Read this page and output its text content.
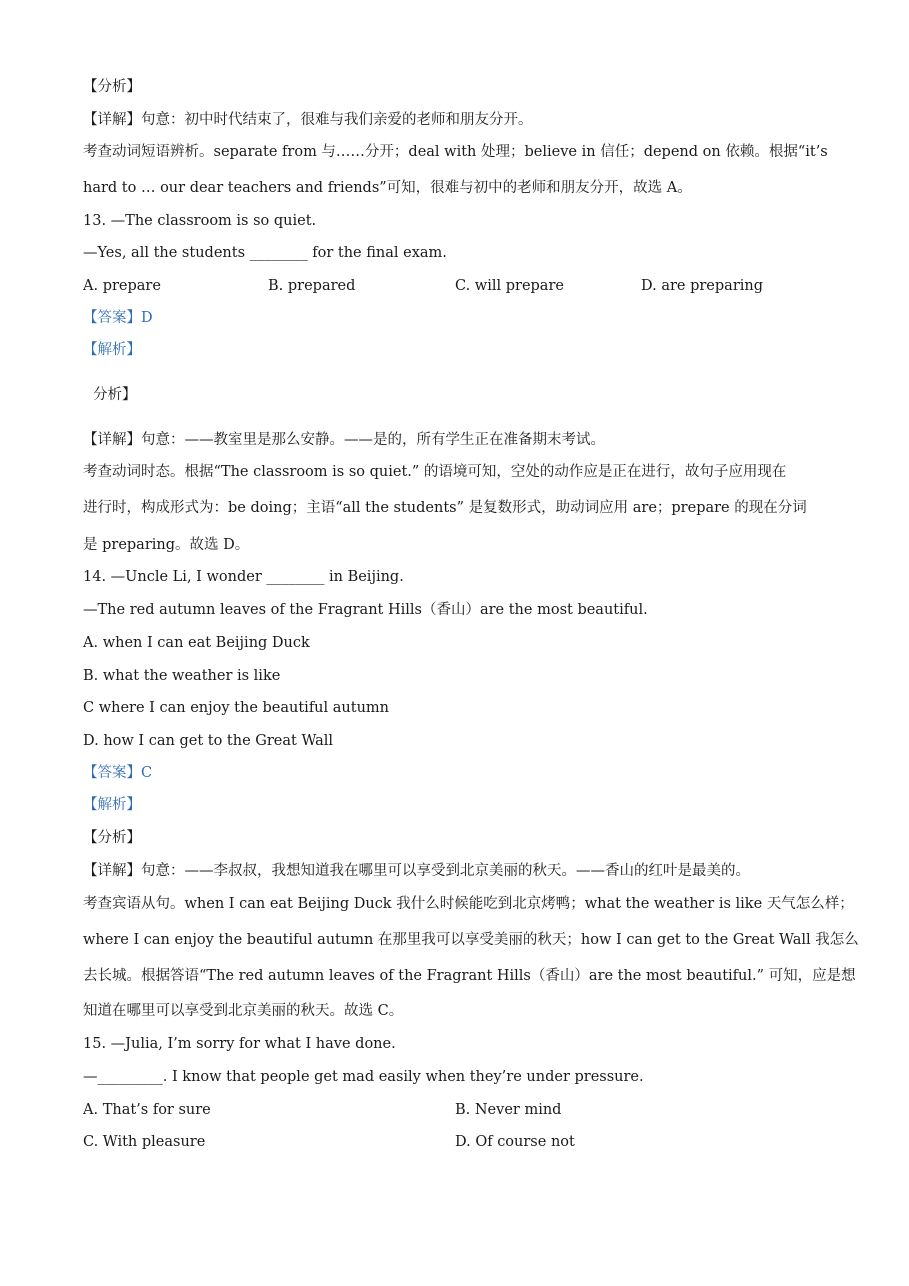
【分析】
【详解】句意：初中时代结束了，很难与我们亲爱的老师和朋友分开。
考查动词短语辨析。separate from 与……分开；deal with 处理；believe in 信任；depend on 依赖。根据“it’s
hard to … our dear teachers and friends”可知，很难与初中的老师和朋友分开，故选 A。
13. —The classroom is so quiet.
—Yes, all the students ________ for the final exam.
A. prepare	B. prepared	C. will prepare	D. are preparing
【答案】D
【解析】
分析】
【详解】句意：——教室里是那么安静。——是的，所有学生正在准备期末考试。
考查动词时态。根据“The classroom is so quiet.” 的语境可知，空处的动作应是正在进行，故句子应用现在
进行时，构成形式为：be doing；主语“all the students” 是复数形式，助动词应用 are；prepare 的现在分词
是 preparing。故选 D。
14. —Uncle Li, I wonder ________ in Beijing.
—The red autumn leaves of the Fragrant Hills（香山）are the most beautiful.
A. when I can eat Beijing Duck
B. what the weather is like
C where I can enjoy the beautiful autumn
D. how I can get to the Great Wall
【答案】C
【解析】
【分析】
【详解】句意：——李叔叔，我想知道我在哪里可以享受到北京美丽的秋天。——香山的红叶是最美的。
考查宾语从句。when I can eat Beijing Duck 我什么时候能吃到北京烤鸭；what the weather is like 天气怎么样；
where I can enjoy the beautiful autumn 在那里我可以享受美丽的秋天；how I can get to the Great Wall 我怎么
去长城。根据答语“The red autumn leaves of the Fragrant Hills（香山）are the most beautiful.” 可知，应是想
知道在哪里可以享受到北京美丽的秋天。故选 C。
15. —Julia, I’m sorry for what I have done.
—_________. I know that people get mad easily when they’re under pressure.
A. That’s for sure	B. Never mind
C. With pleasure	D. Of course not
